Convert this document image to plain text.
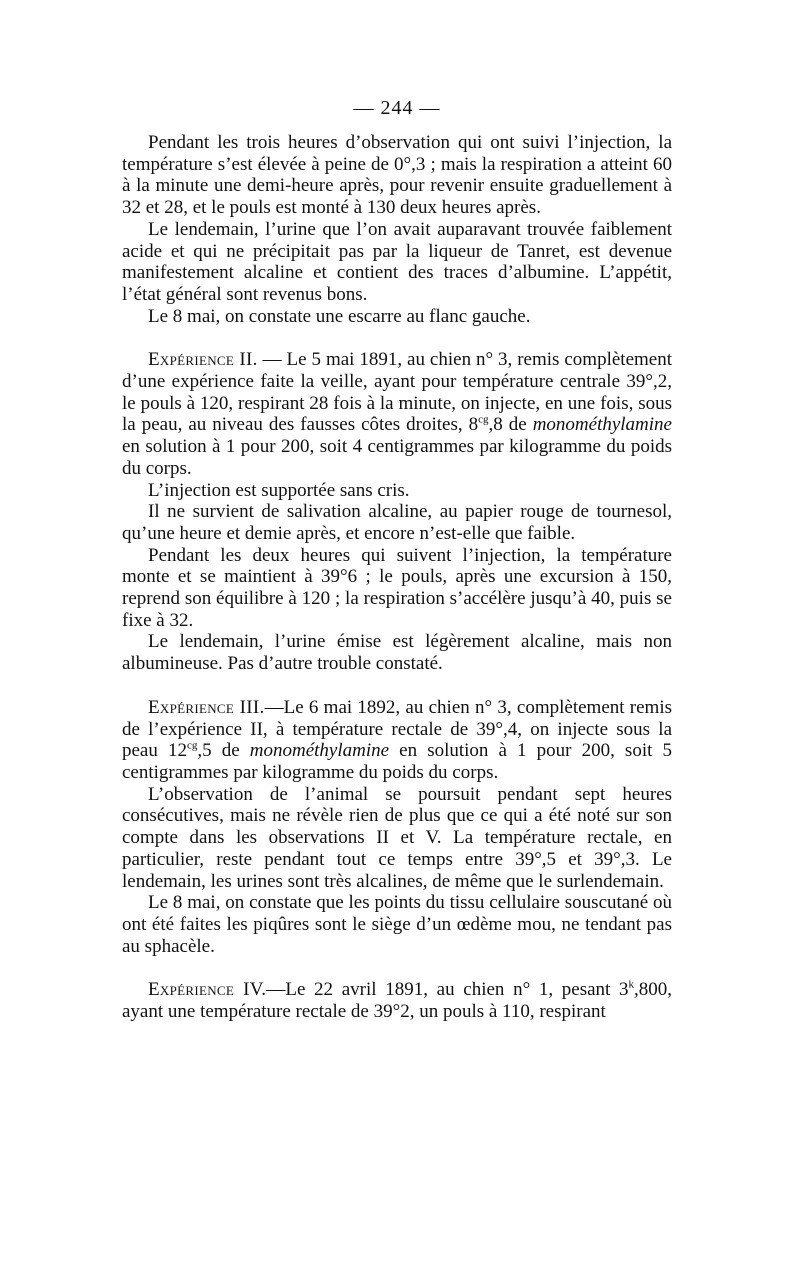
— 244 —

Pendant les trois heures d’observation qui ont suivi l’injection, la température s’est élevée à peine de 0°,3 ; mais la respiration a atteint 60 à la minute une demi-heure après, pour revenir ensuite graduellement à 32 et 28, et le pouls est monté à 130 deux heures après.

Le lendemain, l’urine que l’on avait auparavant trouvée faiblement acide et qui ne précipitait pas par la liqueur de Tanret, est devenue manifestement alcaline et contient des traces d’albumine. L’appétit, l’état général sont revenus bons.

Le 8 mai, on constate une escarre au flanc gauche.

Expérience II. — Le 5 mai 1891, au chien n° 3, remis complètement d’une expérience faite la veille, ayant pour température centrale 39°,2, le pouls à 120, respirant 28 fois à la minute, on injecte, en une fois, sous la peau, au niveau des fausses côtes droites, $8^{cg},8$ de monométhylamine en solution à 1 pour 200, soit 4 centigrammes par kilogramme du poids du corps.

L’injection est supportée sans cris.

Il ne survient de salivation alcaline, au papier rouge de tournesol, qu’une heure et demie après, et encore n’est-elle que faible.

Pendant les deux heures qui suivent l’injection, la température monte et se maintient à 39°6 ; le pouls, après une excursion à 150, reprend son équilibre à 120 ; la respiration s’accélère jusqu’à 40, puis se fixe à 32.

Le lendemain, l’urine émise est légèrement alcaline, mais non albumineuse. Pas d’autre trouble constaté.

Expérience III.—Le 6 mai 1892, au chien n° 3, complètement remis de l’expérience II, à température rectale de 39°,4, on injecte sous la peau $12^{cg},5$ de monométhylamine en solution à 1 pour 200, soit 5 centigrammes par kilogramme du poids du corps.

L’observation de l’animal se poursuit pendant sept heures consécutives, mais ne révèle rien de plus que ce qui a été noté sur son compte dans les observations II et V. La température rectale, en particulier, reste pendant tout ce temps entre 39°,5 et 39°,3. Le lendemain, les urines sont très alcalines, de même que le surlendemain.

Le 8 mai, on constate que les points du tissu cellulaire souscutané où ont été faites les piqûres sont le siège d’un œdème mou, ne tendant pas au sphacèle.

Expérience IV.—Le 22 avril 1891, au chien n° 1, pesant 3$^k$,800, ayant une température rectale de 39°2, un pouls à 110, respirant
